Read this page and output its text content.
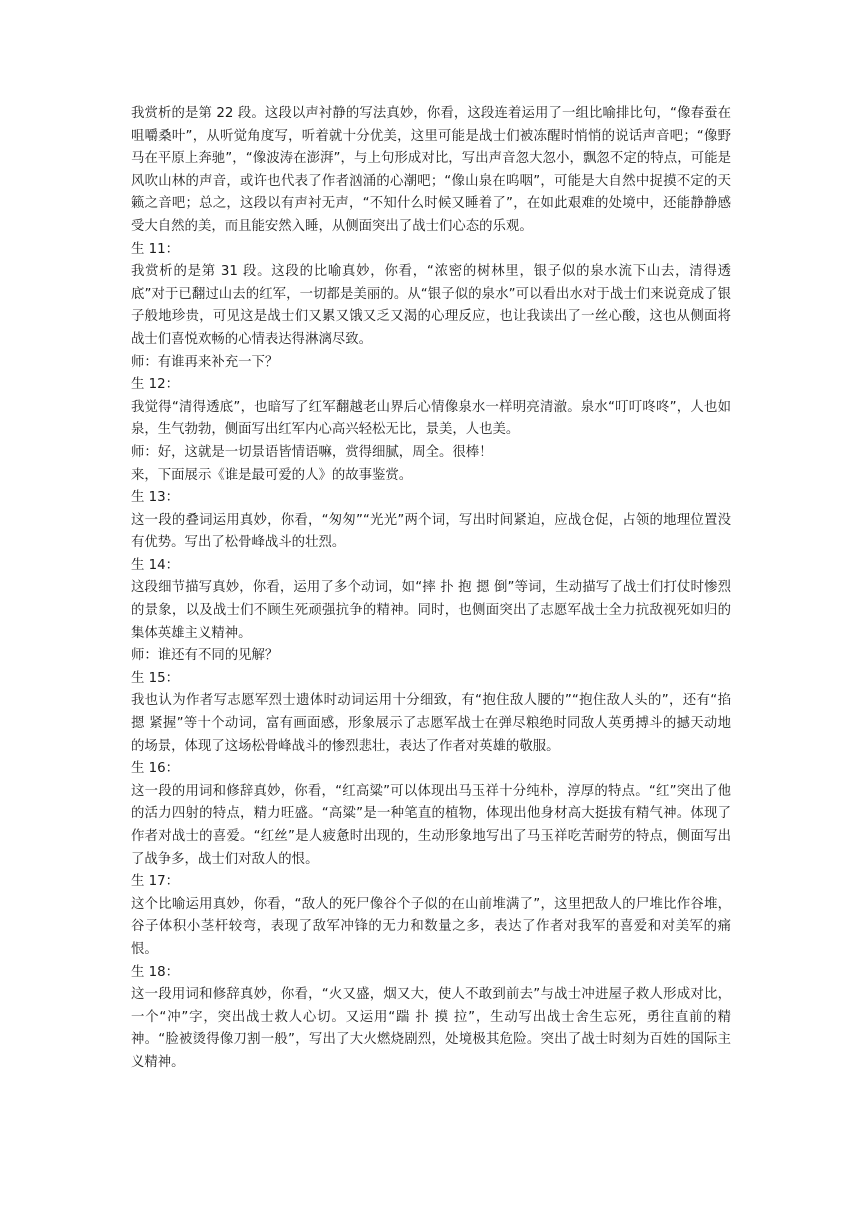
我赏析的是第 22 段。这段以声衬静的写法真妙，你看，这段连着运用了一组比喻排比句，“像春蚕在咀嚼桑叶”，从听觉角度写，听着就十分优美，这里可能是战士们被冻醒时悄悄的说话声音吧；“像野马在平原上奔驰”，“像波涛在澎湃”，与上句形成对比，写出声音忽大忽小，飘忽不定的特点，可能是风吹山林的声音，或许也代表了作者汹涌的心潮吧；“像山泉在呜咽”，可能是大自然中捉摸不定的天籁之音吧；总之，这段以有声衬无声，“不知什么时候又睡着了”，在如此艰难的处境中，还能静静感受大自然的美，而且能安然入睡，从侧面突出了战士们心态的乐观。

生 11：

我赏析的是第 31 段。这段的比喻真妙，你看，“浓密的树林里，银子似的泉水流下山去，清得透底”对于已翻过山去的红军，一切都是美丽的。从“银子似的泉水”可以看出水对于战士们来说竟成了银子般地珍贵，可见这是战士们又累又饿又乏又渴的心理反应，也让我读出了一丝心酸，这也从侧面将战士们喜悦欢畅的心情表达得淋漓尽致。

师：有谁再来补充一下？

生 12：

我觉得“清得透底”，也暗写了红军翻越老山界后心情像泉水一样明亮清澈。泉水“叮叮咚咚”，人也如泉，生气勃勃，侧面写出红军内心高兴轻松无比，景美，人也美。

师：好，这就是一切景语皆情语嘛，赏得细腻，周全。很棒！

来，下面展示《谁是最可爱的人》的故事鉴赏。

生 13：

这一段的叠词运用真妙，你看，“匆匆”“光光”两个词，写出时间紧迫，应战仓促，占领的地理位置没有优势。写出了松骨峰战斗的壮烈。

生 14：

这段细节描写真妙，你看，运用了多个动词，如“摔 扑 抱 摁 倒”等词，生动描写了战士们打仗时惨烈的景象，以及战士们不顾生死顽强抗争的精神。同时，也侧面突出了志愿军战士全力抗敌视死如归的集体英雄主义精神。

师：谁还有不同的见解？

生 15：

我也认为作者写志愿军烈士遗体时动词运用十分细致，有“抱住敌人腰的”“抱住敌人头的”，还有“掐 摁 紧握”等十个动词，富有画面感，形象展示了志愿军战士在弹尽粮绝时同敌人英勇搏斗的撼天动地的场景，体现了这场松骨峰战斗的惨烈悲壮，表达了作者对英雄的敬服。

生 16：

这一段的用词和修辞真妙，你看，“红高粱”可以体现出马玉祥十分纯朴，淳厚的特点。“红”突出了他的活力四射的特点，精力旺盛。“高粱”是一种笔直的植物，体现出他身材高大挺拔有精气神。体现了作者对战士的喜爱。“红丝”是人疲惫时出现的，生动形象地写出了马玉祥吃苦耐劳的特点，侧面写出了战争多，战士们对敌人的恨。

生 17：

这个比喻运用真妙，你看，“敌人的死尸像谷个子似的在山前堆满了”，这里把敌人的尸堆比作谷堆，谷子体积小茎杆较弯，表现了敌军冲锋的无力和数量之多，表达了作者对我军的喜爱和对美军的痛恨。

生 18：

这一段用词和修辞真妙，你看，“火又盛，烟又大，使人不敢到前去”与战士冲进屋子救人形成对比，一个“冲”字，突出战士救人心切。又运用“踹 扑 摸 拉”，生动写出战士舍生忘死，勇往直前的精神。“脸被烫得像刀割一般”，写出了大火燃烧剧烈，处境极其危险。突出了战士时刻为百姓的国际主义精神。
